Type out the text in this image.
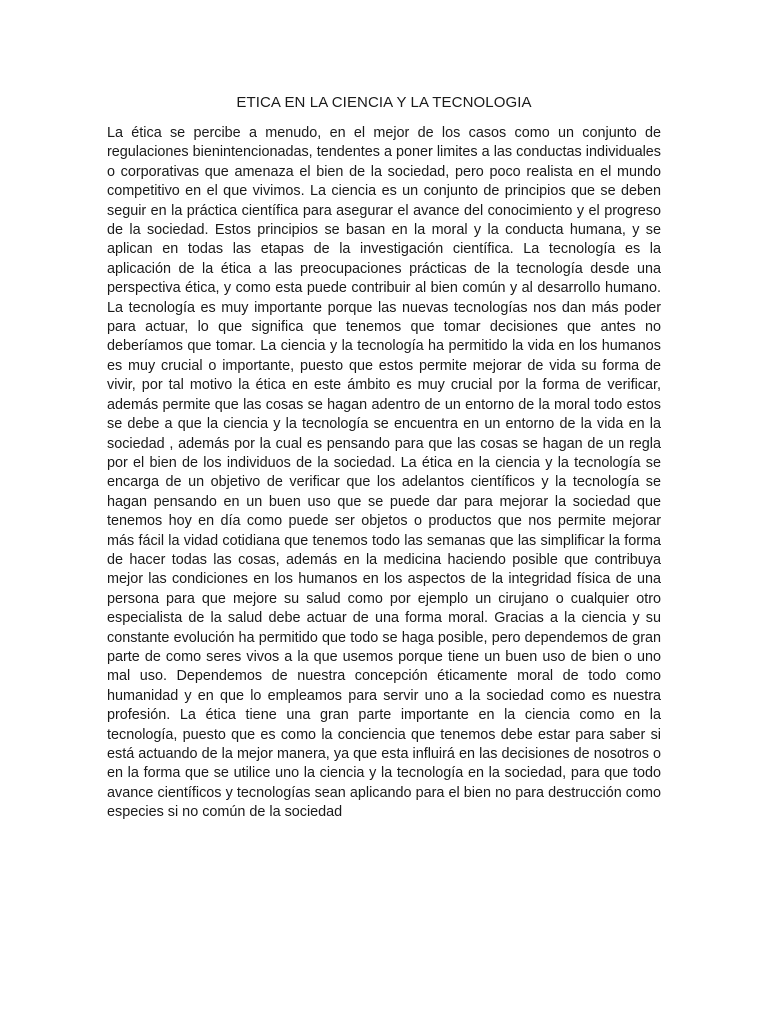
ETICA EN LA CIENCIA Y LA TECNOLOGIA

La ética se percibe a menudo, en el mejor de los casos como un conjunto de regulaciones bienintencionadas, tendentes a poner limites a las conductas individuales o corporativas que amenaza el bien de la sociedad, pero poco realista en el mundo competitivo en el que vivimos. La ciencia es un conjunto de principios que se deben seguir en la práctica científica para asegurar el avance del conocimiento y el progreso de la sociedad. Estos principios se basan en la moral y la conducta humana, y se aplican en todas las etapas de la investigación científica. La tecnología es la aplicación de la ética a las preocupaciones prácticas de la tecnología desde una perspectiva ética, y como esta puede contribuir al bien común y al desarrollo humano. La tecnología es muy importante porque las nuevas tecnologías nos dan más poder para actuar, lo que significa que tenemos que tomar decisiones que antes no deberíamos que tomar. La ciencia y la tecnología ha permitido la vida en los humanos es muy crucial o importante, puesto que estos permite mejorar de vida su forma de vivir, por tal motivo la ética en este ámbito es muy crucial por la forma de verificar, además permite que las cosas se hagan adentro de un entorno de la moral todo estos se debe a que la ciencia y la tecnología se encuentra en un entorno de la vida en la sociedad , además por la cual es pensando para que las cosas se hagan de un regla por el bien de los individuos de la sociedad. La ética en la ciencia y la tecnología se encarga de un objetivo de verificar que los adelantos científicos y la tecnología se hagan pensando en un buen uso que se puede dar para mejorar la sociedad que tenemos hoy en día como puede ser objetos o productos que nos permite mejorar más fácil la vidad cotidiana que tenemos todo las semanas que las simplificar la forma de hacer todas las cosas, además en la medicina haciendo posible que contribuya mejor las condiciones en los humanos en los aspectos de la integridad física de una persona para que mejore su salud como por ejemplo un cirujano o cualquier otro especialista de la salud debe actuar de una forma moral. Gracias a la ciencia y su constante evolución ha permitido que todo se haga posible, pero dependemos de gran parte de como seres vivos a la que usemos porque tiene un buen uso de bien o uno mal uso. Dependemos de nuestra concepción éticamente moral de todo como humanidad y en que lo empleamos para servir uno a la sociedad como es nuestra profesión. La ética tiene una gran parte importante en la ciencia como en la tecnología, puesto que es como la conciencia que tenemos debe estar para saber si está actuando de la mejor manera, ya que esta influirá en las decisiones de nosotros o en la forma que se utilice uno la ciencia y la tecnología en la sociedad, para que todo avance científicos y tecnologías sean aplicando para el bien no para destrucción como especies si no común de la sociedad
